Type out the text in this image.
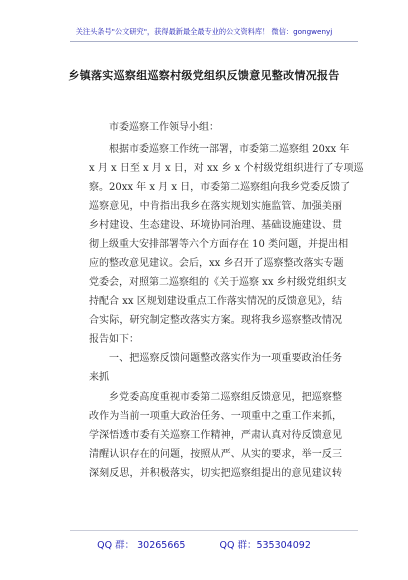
关注头条号"公文研究"，获得最新最全最专业的公文资料库！ 微信：gongwenyj
乡镇落实巡察组巡察村级党组织反馈意见整改情况报告
市委巡察工作领导小组：
根据市委巡察工作统一部署，市委第二巡察组 20xx 年
x 月 x 日至 x 月 x 日，对 xx 乡 x 个村级党组织进行了专项巡
察。20xx 年 x 月 x 日，市委第二巡察组向我乡党委反馈了
巡察意见，中肯指出我乡在落实规划实施监管、加强美丽
乡村建设、生态建设、环境协同治理、基础设施建设、贯
彻上级重大安排部署等六个方面存在 10 类问题，并提出相
应的整改意见建议。会后，xx 乡召开了巡察整改落实专题
党委会，对照第二巡察组的《关于巡察 xx 乡村级党组织支
持配合 xx 区规划建设重点工作落实情况的反馈意见》，结
合实际，研究制定整改落实方案。现将我乡巡察整改情况
报告如下：
一、把巡察反馈问题整改落实作为一项重要政治任务
来抓
乡党委高度重视市委第二巡察组反馈意见，把巡察整
改作为当前一项重大政治任务、一项重中之重工作来抓，
学深悟透市委有关巡察工作精神，严肃认真对待反馈意见
清醒认识存在的问题，按照从严、从实的要求，举一反三
深刻反思，并积极落实，切实把巡察组提出的意见建议转
QQ 群： 30265665	QQ 群：535304092
